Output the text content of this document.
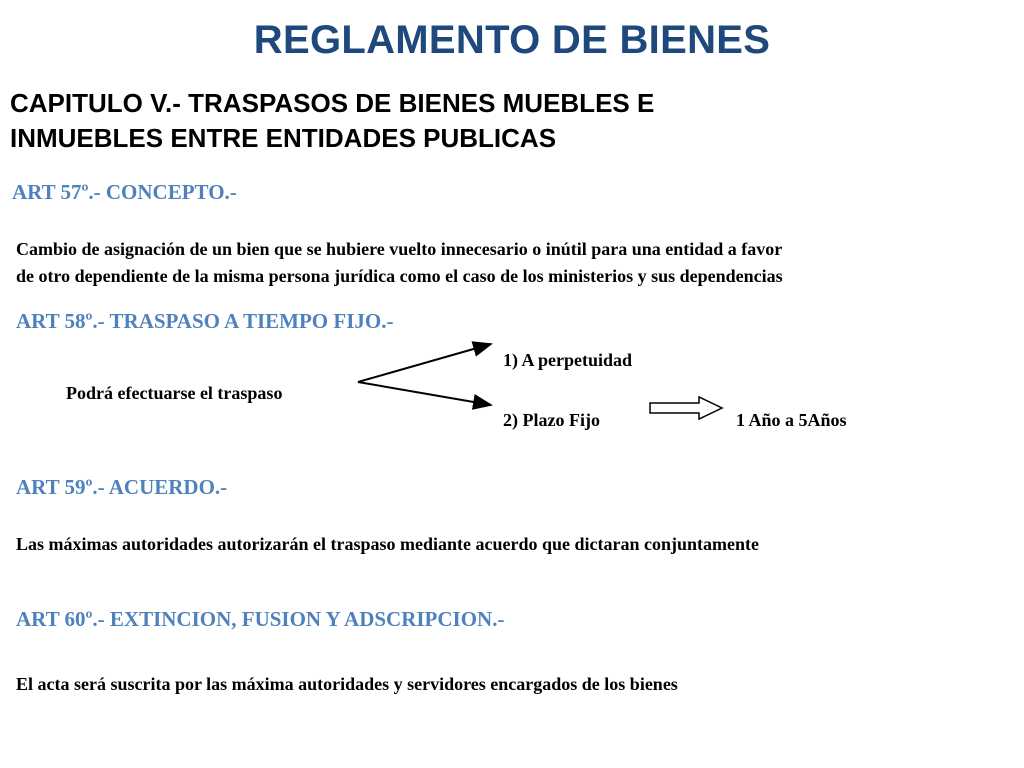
REGLAMENTO DE BIENES
CAPITULO V.- TRASPASOS DE BIENES MUEBLES E
INMUEBLES ENTRE ENTIDADES PUBLICAS
ART 57º.- CONCEPTO.-
Cambio de asignación de un bien que se hubiere vuelto innecesario o inútil para una entidad a favor
de otro dependiente de la misma persona jurídica como el caso de los ministerios y sus dependencias
ART 58º.- TRASPASO A TIEMPO FIJO.-
Podrá efectuarse el traspaso
1) A perpetuidad
2) Plazo Fijo	1 Año a 5Años
ART 59º.- ACUERDO.-
Las máximas autoridades autorizarán el traspaso mediante acuerdo que dictaran conjuntamente
ART 60º.- EXTINCION, FUSION Y ADSCRIPCION.-
El acta será suscrita por las máxima autoridades y servidores encargados de los bienes
